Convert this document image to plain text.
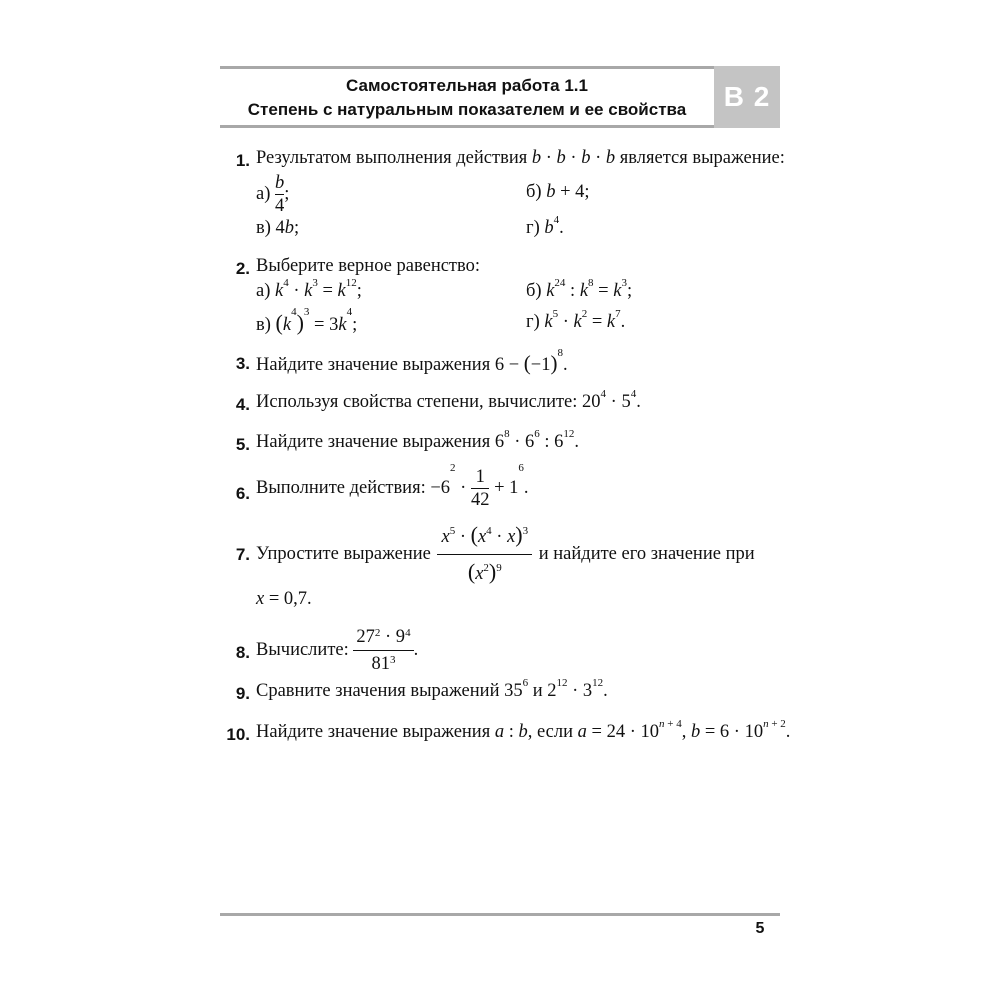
Самостоятельная работа 1.1
Степень с натуральным показателем и ее свойства	В 2
1. Результатом выполнения действия b · b · b · b является выражение:
$а) \frac{b}{4}$ ;	б) b + 4;
в) 4b;	г) $b^4$.
2. Выберите верное равенство:
а) $k^4 \cdot k^3 = k^{12}$;	б) $k^{24}$ : $k^8 = k^3$;
в) $(k^4)^3 = 3k^4$;	г) $k^5 \cdot k^2 = k^7$.
3. Найдите значение выражения $6 - (-1)^8$.
4. Используя свойства степени, вычислите: $20^4 \cdot 5^4$.
5. Найдите значение выражения $6^8 \cdot 6^6$ : $6^{12}$.
6. Выполните действия: $-6^2 \cdot \frac{1}{42} + 1^6$.
7. Упростите выражение $\frac{x^5 \cdot (x^4 \cdot x)^3}{(x^2)^9}$ и найдите его значение при
x = 0,7.
8. Вычислите: $\frac{27^2 \cdot 9^4}{81^3}$ .
9. Сравните значения выражений $35^6$ и $2^{12} \cdot 3^{12}$.
10. Найдите значение выражения a : b, если $a = 24 \cdot 10^{n + 4}$, $b = 6 \cdot 10^{n + 2}$.
5
